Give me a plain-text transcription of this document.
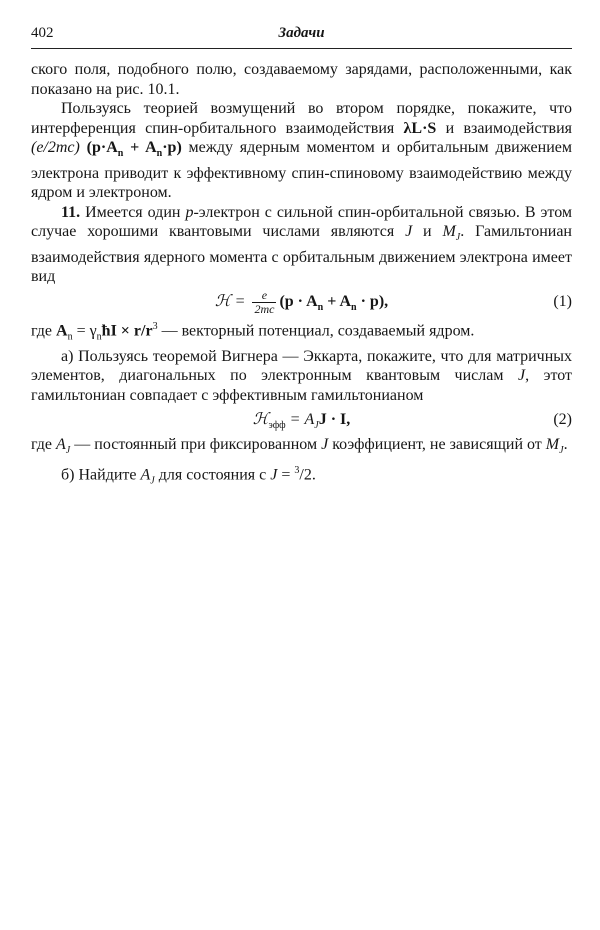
402	Задачи

ского поля, подобного полю, создаваемому зарядами, расположенными, как показано на рис. 10.1.

Пользуясь теорией возмущений во втором порядке, покажите, что интерференция спин-орбитального взаимодействия λL·S и взаимодействия (e/2mc) $(p\cdot A_n + A_n\cdot p)$ между ядерным моментом и орбитальным движением электрона приводит к эффективному спин-спиновому взаимодействию между ядром и электроном.

11. Имеется один p-электрон с сильной спин-орбитальной связью. В этом случае хорошими квантовыми числами являются J и $M_J$. Гамильтониан взаимодействия ядерного момента с орбитальным движением электрона имеет вид

ℋ = $\frac{e}{2mc} (p \cdot A_n + A_n \cdot p)$,	(1)

где $A_n$ = $\gamma_nħI \times r/r^3$ — векторный потенциал, создаваемый ядром.

а) Пользуясь теоремой Вигнера — Эккарта, покажите, что для матричных элементов, диагональных по электронным квантовым числам J, этот гамильтониан совпадает с эффективным гамильтонианом

ℋ$_{эфф}$ = $A_JJ \cdot I$,	(2)

где $A_J$ — постоянный при фиксированном J коэффициент, не зависящий от $M_J$.

б) Найдите $A_J$ для состояния с J = $^3$/2.
